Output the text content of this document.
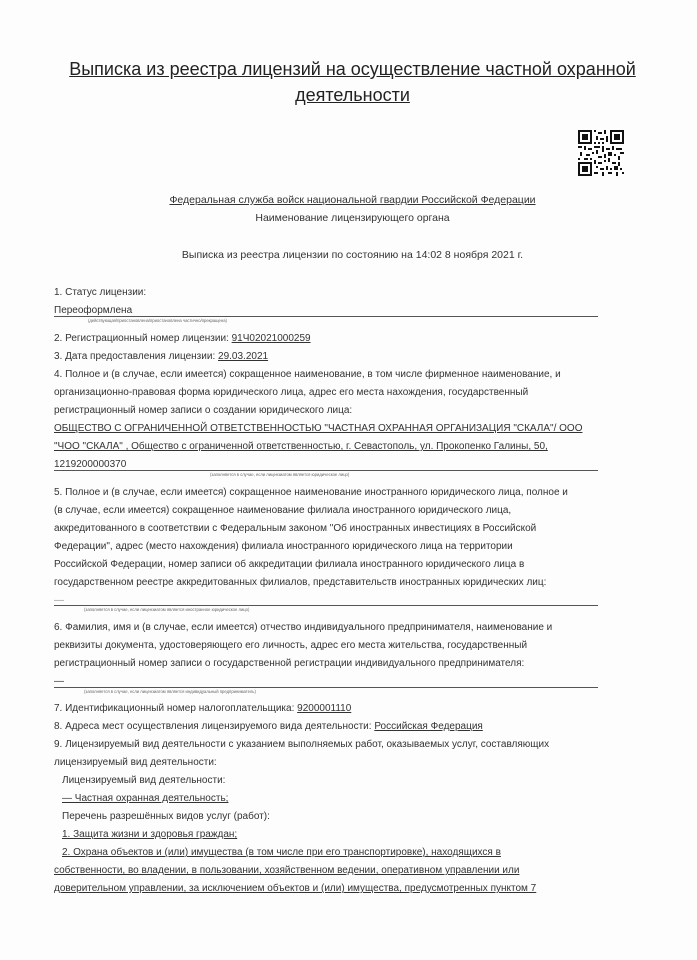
Выписка из реестра лицензий на осуществление частной охранной
деятельности
Федеральная служба войск национальной гвардии Российской Федерации
Наименование лицензирующего органа
Выписка из реестра лицензии по состоянию на 14:02 8 ноября 2021 г.
1. Статус лицензии:
Переоформлена
(действующая/приостановлена/приостановлена частично/прекращена)
2. Регистрационный номер лицензии: 91Ч02021000259
3. Дата предоставления лицензии: 29.03.2021
4. Полное и (в случае, если имеется) сокращенное наименование, в том числе фирменное наименование, и
организационно-правовая форма юридического лица, адрес его места нахождения, государственный
регистрационный номер записи о создании юридического лица:
ОБЩЕСТВО С ОГРАНИЧЕННОЙ ОТВЕТСТВЕННОСТЬЮ "ЧАСТНАЯ ОХРАННАЯ ОРГАНИЗАЦИЯ "СКАЛА"/ ООО
"ЧОО "СКАЛА" , Общество с ограниченной ответственностью, г. Севастополь, ул. Прокопенко Галины, 50,
1219200000370
(заполняется в случае, если лицензиатом является юридическое лицо)
5. Полное и (в случае, если имеется) сокращенное наименование иностранного юридического лица, полное и
(в случае, если имеется) сокращенное наименование филиала иностранного юридического лица,
аккредитованного в соответствии с Федеральным законом "Об иностранных инвестициях в Российской
Федерации", адрес (место нахождения) филиала иностранного юридического лица на территории
Российской Федерации, номер записи об аккредитации филиала иностранного юридического лица в
государственном реестре аккредитованных филиалов, представительств иностранных юридических лиц:
—
(заполняется в случае, если лицензиатом является иностранное юридическое лицо)
6. Фамилия, имя и (в случае, если имеется) отчество индивидуального предпринимателя, наименование и
реквизиты документа, удостоверяющего его личность, адрес его места жительства, государственный
регистрационный номер записи о государственной регистрации индивидуального предпринимателя:
—
(заполняется в случае, если лицензиатом является индивидуальный предприниматель)
7. Идентификационный номер налогоплательщика: 9200001110
8. Адреса мест осуществления лицензируемого вида деятельности: Российская Федерация
9. Лицензируемый вид деятельности с указанием выполняемых работ, оказываемых услуг, составляющих
лицензируемый вид деятельности:
Лицензируемый вид деятельности:
— Частная охранная деятельность;
Перечень разрешённых видов услуг (работ):
1. Защита жизни и здоровья граждан;
2. Охрана объектов и (или) имущества (в том числе при его транспортировке), находящихся в
собственности, во владении, в пользовании, хозяйственном ведении, оперативном управлении или
доверительном управлении, за исключением объектов и (или) имущества, предусмотренных пунктом 7
